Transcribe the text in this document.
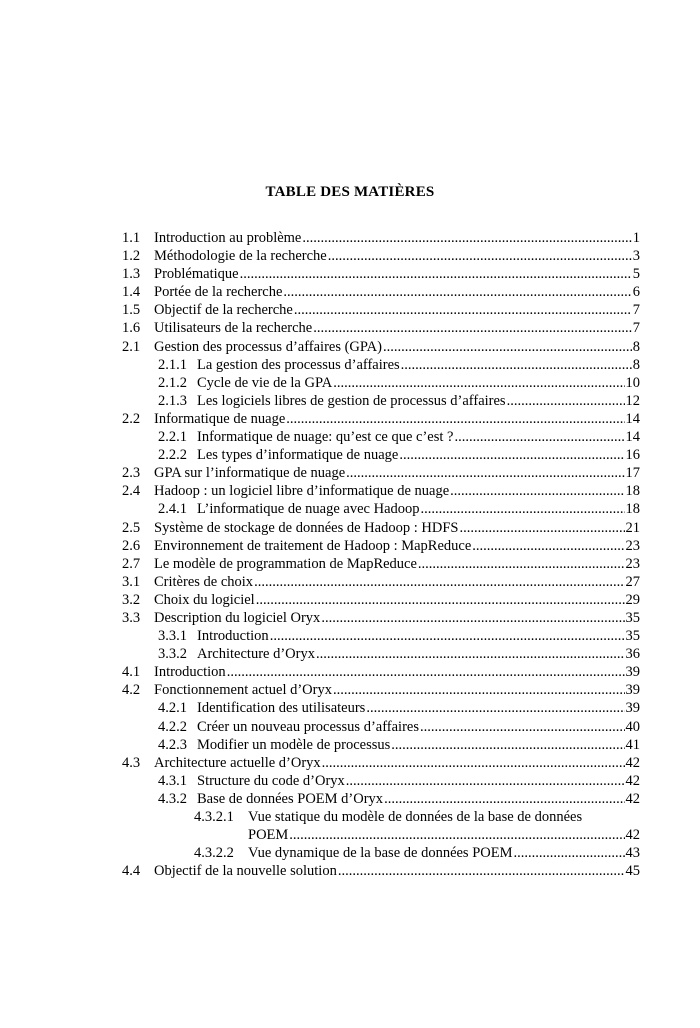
TABLE DES MATIÈRES
1.1 Introduction au problème .....	1
1.2 Méthodologie de la recherche .....	3
1.3 Problématique .....	5
1.4 Portée de la recherche .....	6
1.5 Objectif de la recherche .....	7
1.6 Utilisateurs de la recherche .....	7
2.1 Gestion des processus d’affaires (GPA) .....	8
2.1.1 La gestion des processus d’affaires .....	8
2.1.2 Cycle de vie de la GPA .....	10
2.1.3 Les logiciels libres de gestion de processus d’affaires .....	12
2.2 Informatique de nuage .....	14
2.2.1 Informatique de nuage: qu’est ce que c’est ? .....	14
2.2.2 Les types d’informatique de nuage .....	16
2.3 GPA sur l’informatique de nuage .....	17
2.4 Hadoop : un logiciel libre d’informatique de nuage .....	18
2.4.1 L’informatique de nuage avec Hadoop .....	18
2.5 Système de stockage de données de Hadoop : HDFS .....	21
2.6 Environnement de traitement de Hadoop : MapReduce .....	23
2.7 Le modèle de programmation de MapReduce .....	23
3.1 Critères de choix .....	27
3.2 Choix du logiciel .....	29
3.3 Description du logiciel Oryx .....	35
3.3.1 Introduction .....	35
3.3.2 Architecture d’Oryx .....	36
4.1 Introduction .....	39
4.2 Fonctionnement actuel d’Oryx .....	39
4.2.1 Identification des utilisateurs .....	39
4.2.2 Créer un nouveau processus d’affaires .....	40
4.2.3 Modifier un modèle de processus .....	41
4.3 Architecture actuelle d’Oryx .....	42
4.3.1 Structure du code d’Oryx .....	42
4.3.2 Base de données POEM d’Oryx .....	42
4.3.2.1 Vue statique du modèle de données de la base de données
POEM .....	42
4.3.2.2 Vue dynamique de la base de données POEM .....	43
4.4 Objectif de la nouvelle solution .....	45
